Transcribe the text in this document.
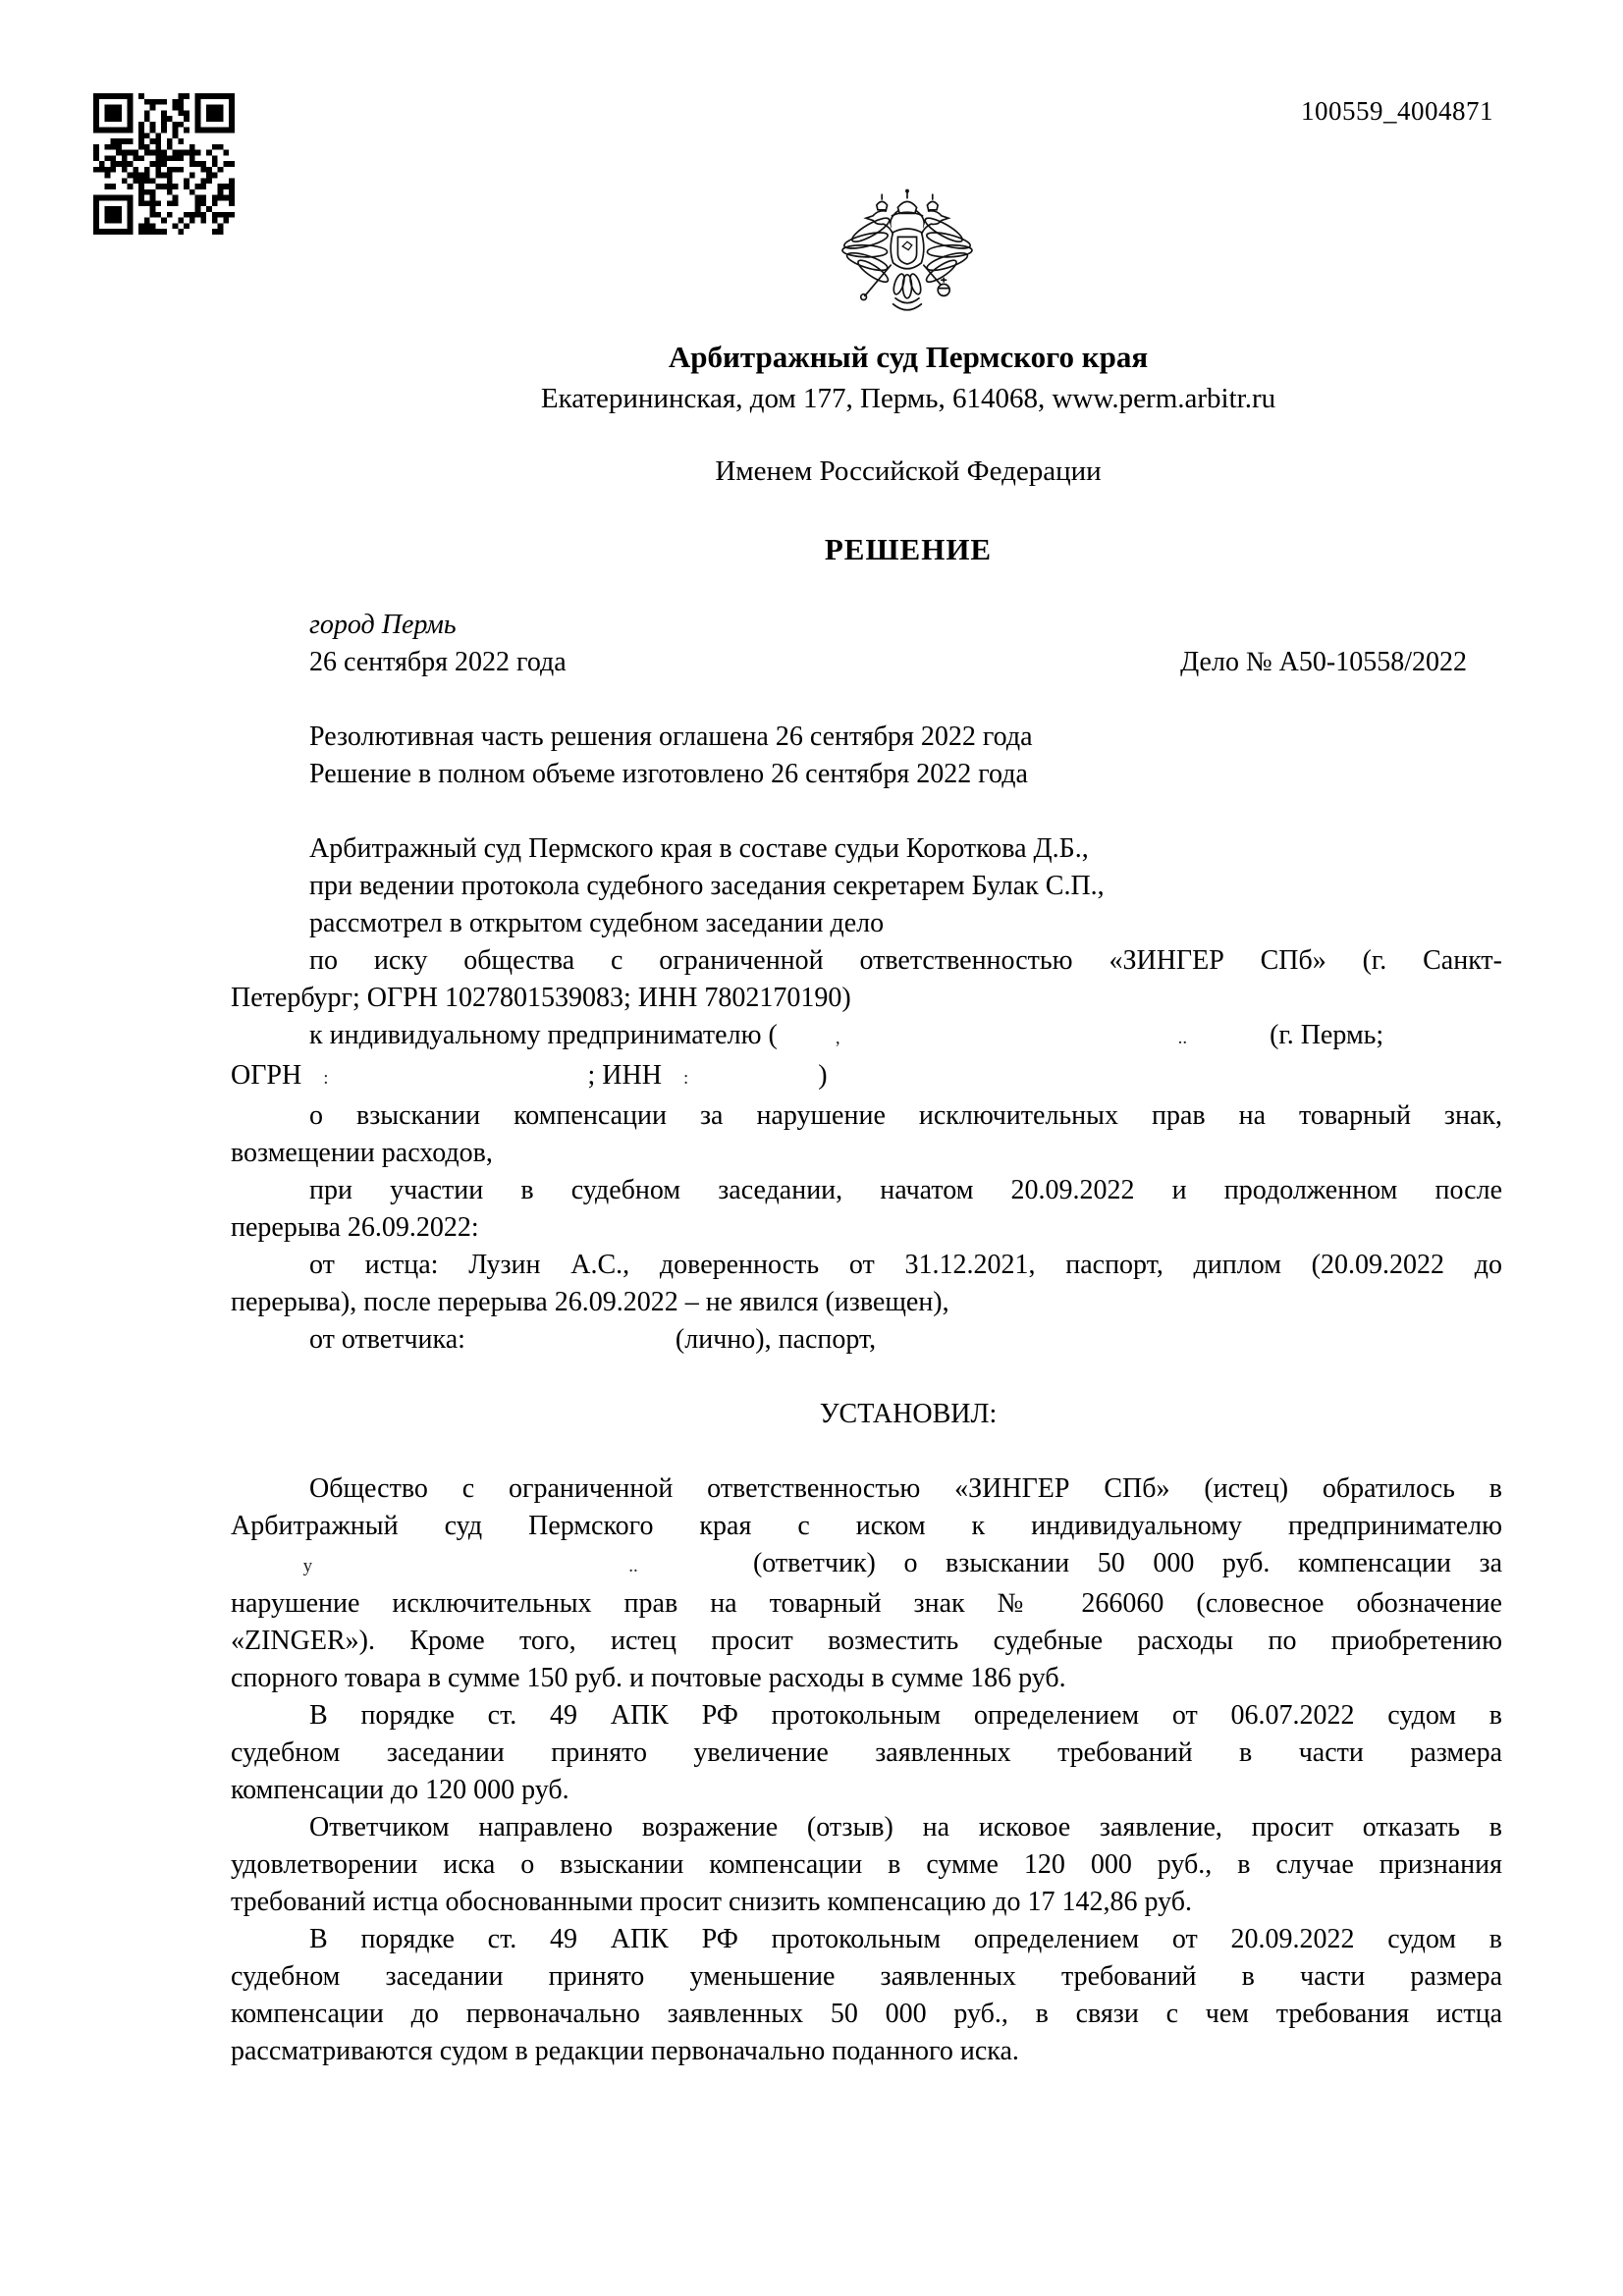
100559_4004871
Арбитражный суд Пермского края
Екатерининская, дом 177, Пермь, 614068, www.perm.arbitr.ru
Именем Российской Федерации
РЕШЕНИЕ
город Пермь
26 сентября 2022 года	Дело № А50-10558/2022
Резолютивная часть решения оглашена 26 сентября 2022 года
Решение в полном объеме изготовлено 26 сентября 2022 года
Арбитражный суд Пермского края в составе судьи Короткова Д.Б.,
при ведении протокола судебного заседания секретарем Булак С.П.,
рассмотрел в открытом судебном заседании дело
по иску общества с ограниченной ответственностью «ЗИНГЕР СПб» (г. Санкт-
Петербург; ОГРН 1027801539083; ИНН 7802170190)
к индивидуальному предпринимателю (	,	..	(г. Пермь;
ОГРН :	; ИНН :	)
о взыскании компенсации за нарушение исключительных прав на товарный знак,
возмещении расходов,
при участии в судебном заседании, начатом 20.09.2022 и продолженном после
перерыва 26.09.2022:
от истца: Лузин А.С., доверенность от 31.12.2021, паспорт, диплом (20.09.2022 до
перерыва), после перерыва 26.09.2022 – не явился (извещен),
от ответчика:	(лично), паспорт,
УСТАНОВИЛ:
Общество с ограниченной ответственностью «ЗИНГЕР СПб» (истец) обратилось в
Арбитражный суд Пермского края с иском к индивидуальному предпринимателю
у	..	(ответчик) о взыскании 50 000 руб. компенсации за
нарушение исключительных прав на товарный знак № 266060 (словесное обозначение
«ZINGER»). Кроме того, истец просит возместить судебные расходы по приобретению
спорного товара в сумме 150 руб. и почтовые расходы в сумме 186 руб.
В порядке ст. 49 АПК РФ протокольным определением от 06.07.2022 судом в
судебном заседании принято увеличение заявленных требований в части размера
компенсации до 120 000 руб.
Ответчиком направлено возражение (отзыв) на исковое заявление, просит отказать в
удовлетворении иска о взыскании компенсации в сумме 120 000 руб., в случае признания
требований истца обоснованными просит снизить компенсацию до 17 142,86 руб.
В порядке ст. 49 АПК РФ протокольным определением от 20.09.2022 судом в
судебном заседании принято уменьшение заявленных требований в части размера
компенсации до первоначально заявленных 50 000 руб., в связи с чем требования истца
рассматриваются судом в редакции первоначально поданного иска.
